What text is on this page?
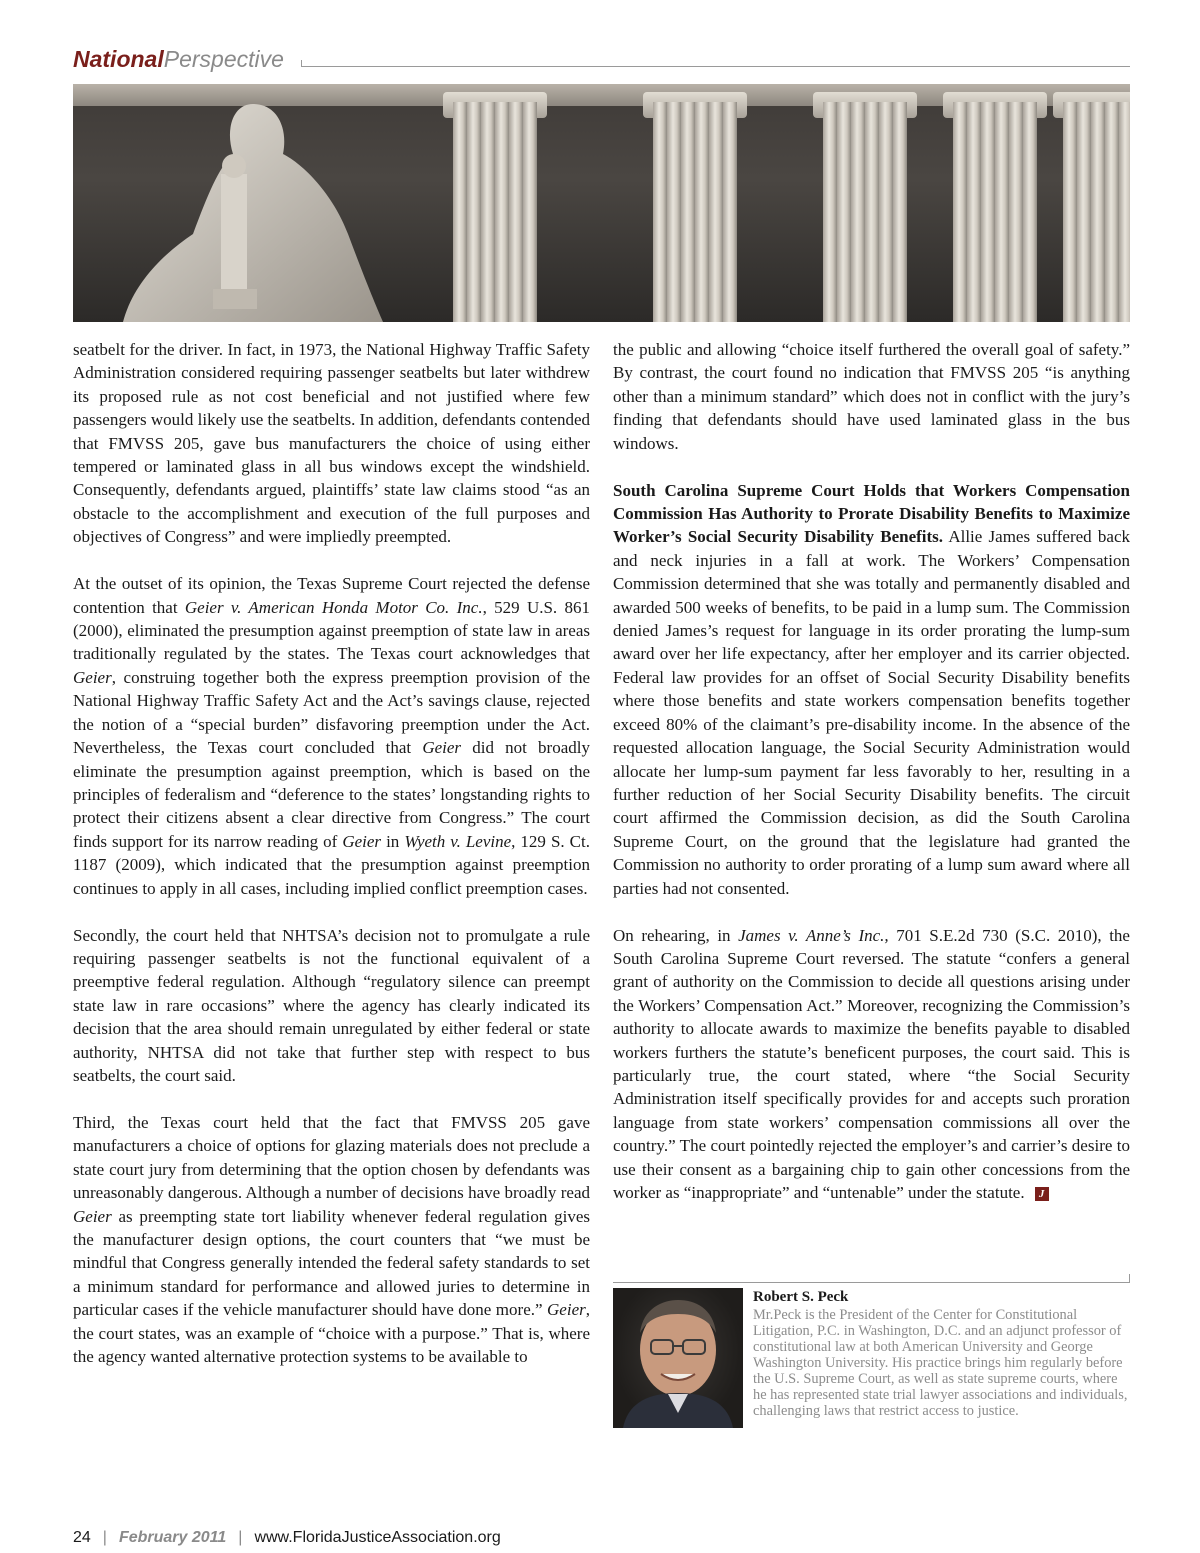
NationalPerspective

seatbelt for the driver. In fact, in 1973, the National Highway Traffic Safety Administration considered requiring passenger seatbelts but later withdrew its proposed rule as not cost beneficial and not justified where few passengers would likely use the seatbelts. In addition, defendants contended that FMVSS 205, gave bus manufacturers the choice of using either tempered or laminated glass in all bus windows except the windshield. Consequently, defendants argued, plaintiffs’ state law claims stood “as an obstacle to the accomplishment and execution of the full purposes and objectives of Congress” and were impliedly preempted.

At the outset of its opinion, the Texas Supreme Court rejected the defense contention that Geier v. American Honda Motor Co. Inc., 529 U.S. 861 (2000), eliminated the presumption against preemption of state law in areas traditionally regulated by the states. The Texas court acknowledges that Geier, construing together both the express preemption provision of the National Highway Traffic Safety Act and the Act’s savings clause, rejected the notion of a “special burden” disfavoring preemption under the Act. Nevertheless, the Texas court concluded that Geier did not broadly eliminate the presumption against preemption, which is based on the principles of federalism and “deference to the states’ longstanding rights to protect their citizens absent a clear directive from Congress.” The court finds support for its narrow reading of Geier in Wyeth v. Levine, 129 S. Ct. 1187 (2009), which indicated that the presumption against preemption continues to apply in all cases, including implied conflict preemption cases.

Secondly, the court held that NHTSA’s decision not to promulgate a rule requiring passenger seatbelts is not the functional equivalent of a preemptive federal regulation. Although “regulatory silence can preempt state law in rare occasions” where the agency has clearly indicated its decision that the area should remain unregulated by either federal or state authority, NHTSA did not take that further step with respect to bus seatbelts, the court said.

Third, the Texas court held that the fact that FMVSS 205 gave manufacturers a choice of options for glazing materials does not preclude a state court jury from determining that the option chosen by defendants was unreasonably dangerous. Although a number of decisions have broadly read Geier as preempting state tort liability whenever federal regulation gives the manufacturer design options, the court counters that “we must be mindful that Congress generally intended the federal safety standards to set a minimum standard for performance and allowed juries to determine in particular cases if the vehicle manufacturer should have done more.” Geier, the court states, was an example of “choice with a purpose.” That is, where the agency wanted alternative protection systems to be available to

the public and allowing “choice itself furthered the overall goal of safety.” By contrast, the court found no indication that FMVSS 205 “is anything other than a minimum standard” which does not in conflict with the jury’s finding that defendants should have used laminated glass in the bus windows.

South Carolina Supreme Court Holds that Workers Compensation Commission Has Authority to Prorate Disability Benefits to Maximize Worker’s Social Security Disability Benefits. Allie James suffered back and neck injuries in a fall at work. The Workers’ Compensation Commission determined that she was totally and permanently disabled and awarded 500 weeks of benefits, to be paid in a lump sum. The Commission denied James’s request for language in its order prorating the lump-sum award over her life expectancy, after her employer and its carrier objected. Federal law provides for an offset of Social Security Disability benefits where those benefits and state workers compensation benefits together exceed 80% of the claimant’s pre-disability income. In the absence of the requested allocation language, the Social Security Administration would allocate her lump-sum payment far less favorably to her, resulting in a further reduction of her Social Security Disability benefits. The circuit court affirmed the Commission decision, as did the South Carolina Supreme Court, on the ground that the legislature had granted the Commission no authority to order prorating of a lump sum award where all parties had not consented.

On rehearing, in James v. Anne’s Inc., 701 S.E.2d 730 (S.C. 2010), the South Carolina Supreme Court reversed. The statute “confers a general grant of authority on the Commission to decide all questions arising under the Workers’ Compensation Act.” Moreover, recognizing the Commission’s authority to allocate awards to maximize the benefits payable to disabled workers furthers the statute’s beneficent purposes, the court said. This is particularly true, the court stated, where “the Social Security Administration itself specifically provides for and accepts such proration language from state workers’ compensation commissions all over the country.” The court pointedly rejected the employer’s and carrier’s desire to use their consent as a bargaining chip to gain other concessions from the worker as “inappropriate” and “untenable” under the statute. J

Robert S. Peck
Mr.Peck is the President of the Center for Constitutional Litigation, P.C. in Washington, D.C. and an adjunct professor of constitutional law at both American University and George Washington University. His practice brings him regularly before the U.S. Supreme Court, as well as state supreme courts, where he has represented state trial lawyer associations and individuals, challenging laws that restrict access to justice.
24 | February 2011 | www.FloridaJusticeAssociation.org
